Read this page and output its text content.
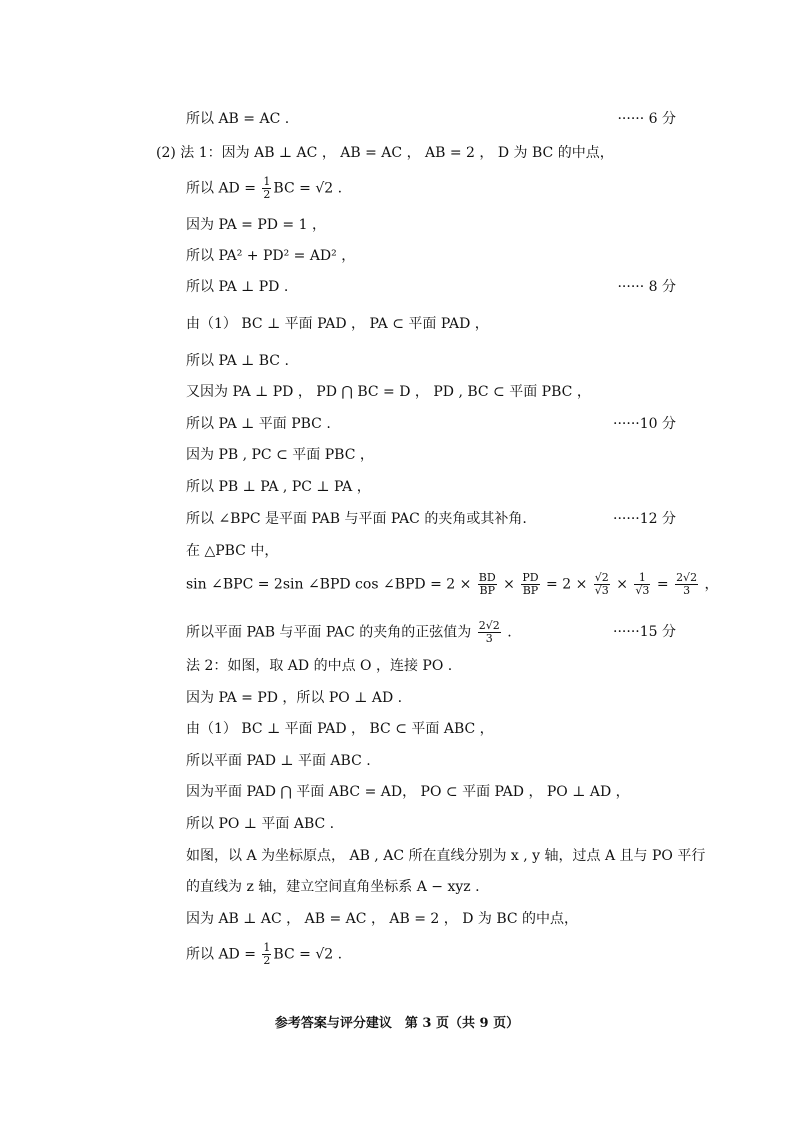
所以 AB = AC .	······ 6 分
(2) 法 1：因为 AB ⊥ AC ， AB = AC ， AB = 2 ， D 为 BC 的中点，
所以 AD = $\frac{1}{2}$ BC = √2 .
因为 PA = PD = 1 ，
所以 PA² + PD² = AD² ，
所以 PA ⊥ PD .	······ 8 分
由（1） BC ⊥ 平面 PAD ， PA ⊂ 平面 PAD ，
所以 PA ⊥ BC .
又因为 PA ⊥ PD ， PD ⋂ BC = D ， PD , BC ⊂ 平面 PBC ，
所以 PA ⊥ 平面 PBC .	······10 分
因为 PB , PC ⊂ 平面 PBC ，
所以 PB ⊥ PA , PC ⊥ PA ，
所以 ∠BPC 是平面 PAB 与平面 PAC 的夹角或其补角.	······12 分
在 △PBC 中，
sin ∠BPC = 2sin ∠BPD cos ∠BPD = $2 \times \frac{BD}{BP} \times \frac{PD}{BP} = 2 \times \frac{√2}{√3} \times \frac{1}{√3} = \frac{2√2}{3}$ ，
所以平面 PAB 与平面 PAC 的夹角的正弦值为 $\frac{2√2}{3}$ .	······15 分
法 2：如图，取 AD 的中点 O ，连接 PO .
因为 PA = PD ，所以 PO ⊥ AD .
由（1） BC ⊥ 平面 PAD ， BC ⊂ 平面 ABC ，
所以平面 PAD ⊥ 平面 ABC .
因为平面 PAD ⋂ 平面 ABC = AD， PO ⊂ 平面 PAD ， PO ⊥ AD ，
所以 PO ⊥ 平面 ABC .
如图，以 A 为坐标原点， AB , AC 所在直线分别为 x , y 轴，过点 A 且与 PO 平行
的直线为 z 轴，建立空间直角坐标系 A − xyz .
因为 AB ⊥ AC ， AB = AC ， AB = 2 ， D 为 BC 的中点，
所以 AD = $\frac{1}{2}$ BC = √2 .
参考答案与评分建议　第 3 页（共 9 页）
